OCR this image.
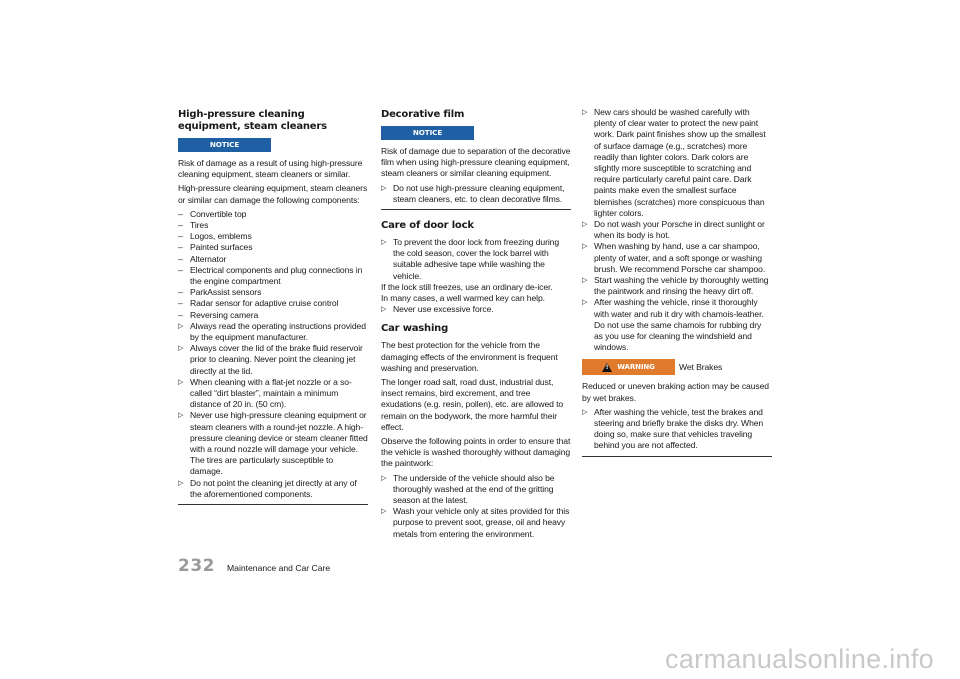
High-pressure cleaning equipment, steam cleaners
NOTICE

Risk of damage as a result of using high-pressure cleaning equipment, steam cleaners or similar.

High-pressure cleaning equipment, steam cleaners or similar can damage the following components:

– Convertible top
– Tires
– Logos, emblems
– Painted surfaces
– Alternator
– Electrical components and plug connections in the engine compartment
– ParkAssist sensors
– Radar sensor for adaptive cruise control
– Reversing camera
▷ Always read the operating instructions provided by the equipment manufacturer.
▷ Always cover the lid of the brake fluid reservoir prior to cleaning. Never point the cleaning jet directly at the lid.
▷ When cleaning with a flat-jet nozzle or a so-called “dirt blaster”, maintain a minimum distance of 20 in. (50 cm).
▷ Never use high-pressure cleaning equipment or steam cleaners with a round-jet nozzle. A high-pressure cleaning device or steam cleaner fitted with a round nozzle will damage your vehicle. The tires are particularly susceptible to damage.
▷ Do not point the cleaning jet directly at any of the aforementioned components.
Decorative film
NOTICE

Risk of damage due to separation of the decorative film when using high-pressure cleaning equipment, steam cleaners or similar cleaning equipment.

▷ Do not use high-pressure cleaning equipment, steam cleaners, etc. to clean decorative films.
Care of door lock
▷ To prevent the door lock from freezing during the cold season, cover the lock barrel with suitable adhesive tape while washing the vehicle.
If the lock still freezes, use an ordinary de-icer.
In many cases, a well warmed key can help.
▷ Never use excessive force.
Car washing

The best protection for the vehicle from the damaging effects of the environment is frequent washing and preservation.

The longer road salt, road dust, industrial dust, insect remains, bird excrement, and tree exudations (e.g. resin, pollen), etc. are allowed to remain on the bodywork, the more harmful their effect.

Observe the following points in order to ensure that the vehicle is washed thoroughly without damaging the paintwork:

▷ The underside of the vehicle should also be thoroughly washed at the end of the gritting season at the latest.
▷ Wash your vehicle only at sites provided for this purpose to prevent soot, grease, oil and heavy metals from entering the environment.
▷ New cars should be washed carefully with plenty of clear water to protect the new paint work. Dark paint finishes show up the smallest of surface damage (e.g., scratches) more readily than lighter colors. Dark colors are slightly more susceptible to scratching and require particularly careful paint care. Dark paints make even the smallest surface blemishes (scratches) more conspicuous than lighter colors.
▷ Do not wash your Porsche in direct sunlight or when its body is hot.
▷ When washing by hand, use a car shampoo, plenty of water, and a soft sponge or washing brush. We recommend Porsche car shampoo.
▷ Start washing the vehicle by thoroughly wetting the paintwork and rinsing the heavy dirt off.
▷ After washing the vehicle, rinse it thoroughly with water and rub it dry with chamois-leather. Do not use the same chamois for rubbing dry as you use for cleaning the windshield and windows.
!
WARNING	Wet Brakes

Reduced or uneven braking action may be caused by wet brakes.

▷ After washing the vehicle, test the brakes and steering and briefly brake the disks dry. When doing so, make sure that vehicles traveling behind you are not affected.
232 Maintenance and Car Care
carmanualsonline.info
